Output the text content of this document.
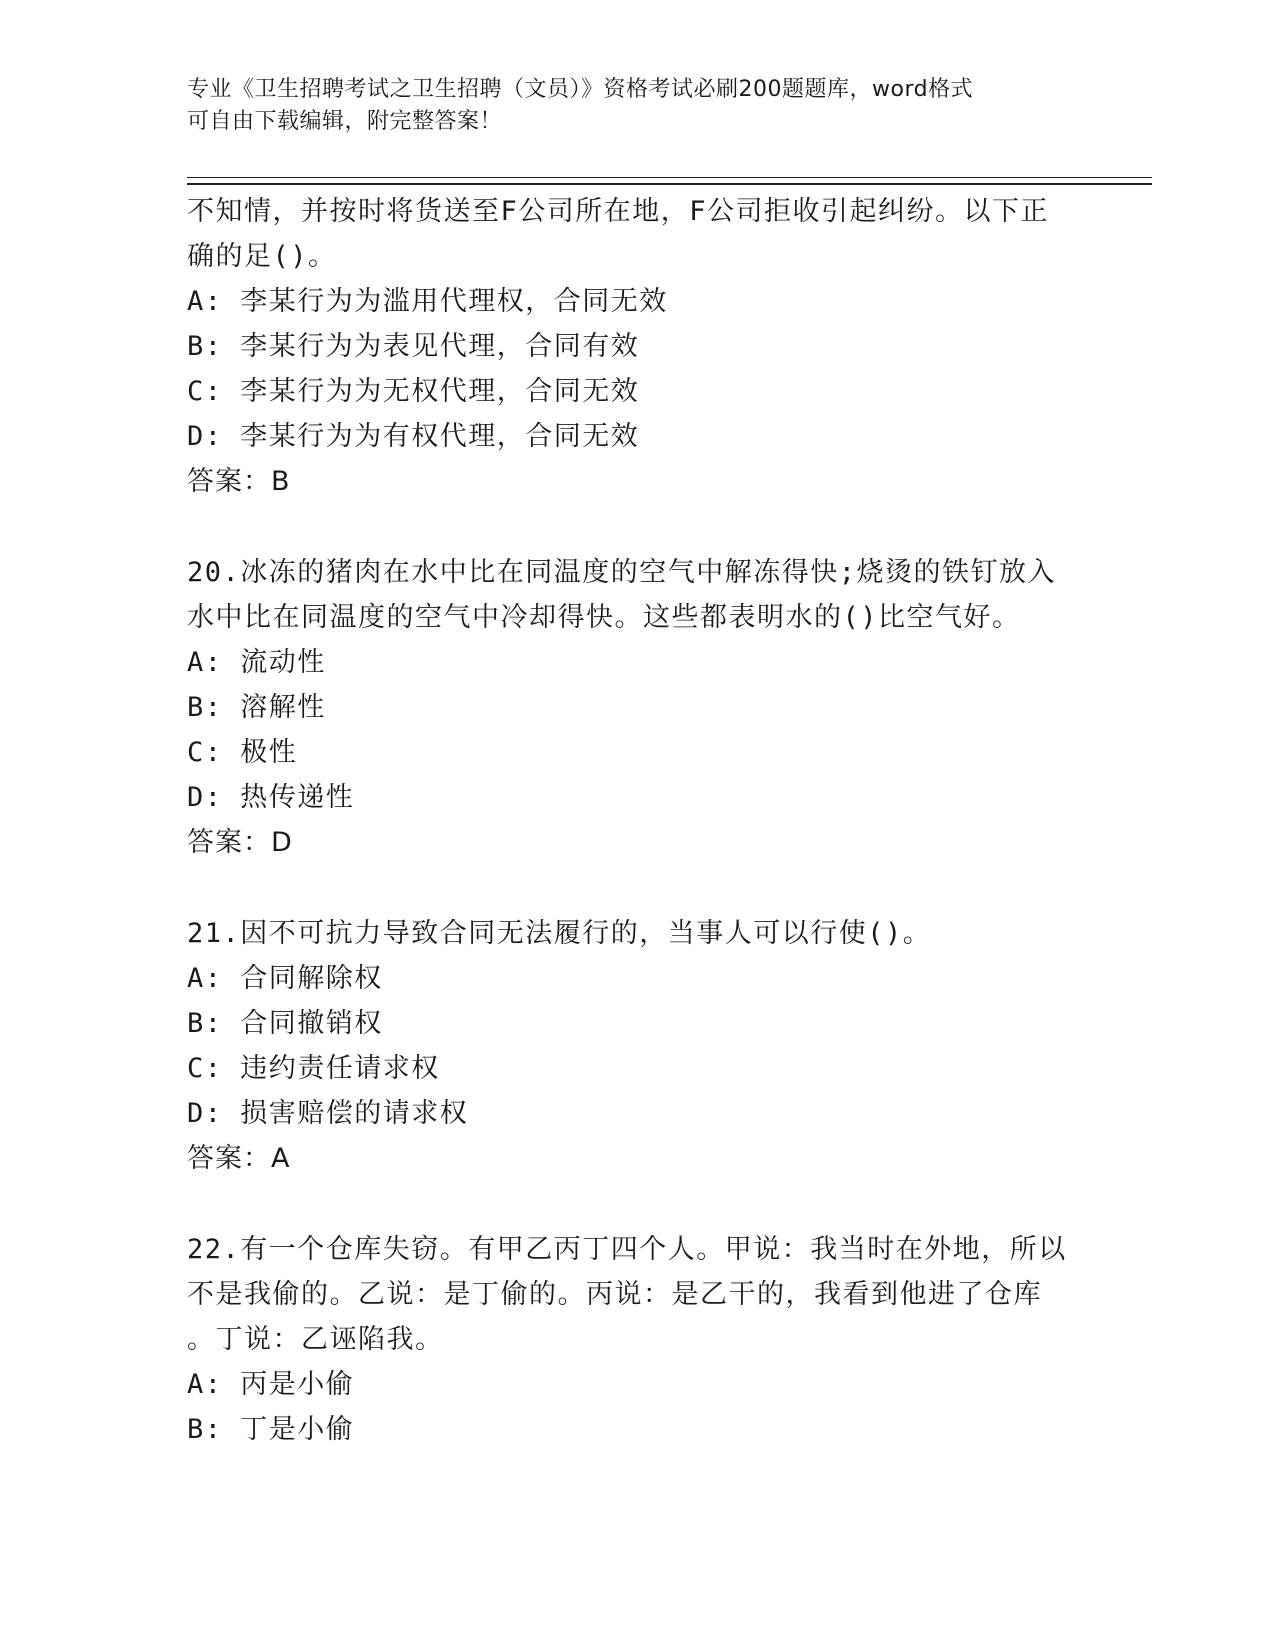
专业《卫生招聘考试之卫生招聘（文员）》资格考试必刷200题题库，word格式
可自由下载编辑，附完整答案！
不知情，并按时将货送至F公司所在地，F公司拒收引起纠纷。以下正
确的足()。
A: 李某行为为滥用代理权，合同无效
B: 李某行为为表见代理，合同有效
C: 李某行为为无权代理，合同无效
D: 李某行为为有权代理，合同无效
答案：B
20.冰冻的猪肉在水中比在同温度的空气中解冻得快;烧烫的铁钉放入
水中比在同温度的空气中冷却得快。这些都表明水的()比空气好。
A: 流动性
B: 溶解性
C: 极性
D: 热传递性
答案：D
21.因不可抗力导致合同无法履行的，当事人可以行使()。
A: 合同解除权
B: 合同撤销权
C: 违约责任请求权
D: 损害赔偿的请求权
答案：A
22.有一个仓库失窃。有甲乙丙丁四个人。甲说：我当时在外地，所以
不是我偷的。乙说：是丁偷的。丙说：是乙干的，我看到他进了仓库
。丁说：乙诬陷我。
A: 丙是小偷
B: 丁是小偷
